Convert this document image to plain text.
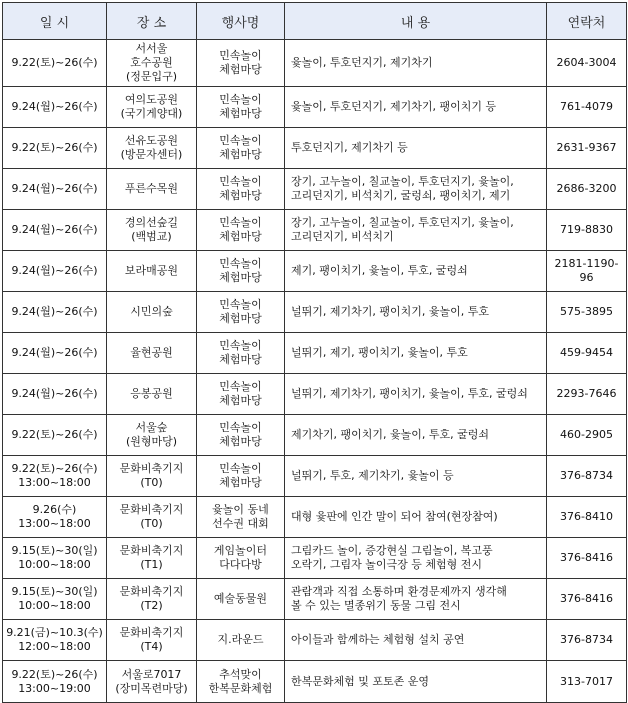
일 시	장 소	행사명	내 용	연락처
9.22(토)~26(수)	서서울
호수공원
(정문입구)	민속놀이
체험마당	윷놀이, 투호던지기, 제기차기	2604-3004
9.24(월)~26(수)	여의도공원
(국기게양대)	민속놀이
체험마당	윷놀이, 투호던지기, 제기차기, 팽이치기 등	761-4079
9.22(토)~26(수)	선유도공원
(방문자센터)	민속놀이
체험마당	투호던지기, 제기차기 등	2631-9367
9.24(월)~26(수)	푸른수목원	민속놀이
체험마당	장기, 고누놀이, 칠교놀이, 투호던지기, 윷놀이,
고리던지기, 비석치기, 굴렁쇠, 팽이치기, 제기	2686-3200
9.24(월)~26(수)	경의선숲길
(백범교)	민속놀이
체험마당	장기, 고누놀이, 칠교놀이, 투호던지기, 윷놀이,
고리던지기, 비석치기	719-8830
9.24(월)~26(수)	보라매공원	민속놀이
체험마당	제기, 팽이치기, 윷놀이, 투호, 굴렁쇠	2181-1190-
96
9.24(월)~26(수)	시민의숲	민속놀이
체험마당	널뛰기, 제기차기, 팽이치기, 윷놀이, 투호	575-3895
9.24(월)~26(수)	율현공원	민속놀이
체험마당	널뛰기, 제기, 팽이치기, 윷놀이, 투호	459-9454
9.24(월)~26(수)	응봉공원	민속놀이
체험마당	널뛰기, 제기차기, 팽이치기, 윷놀이, 투호, 굴렁쇠	2293-7646
9.22(토)~26(수)	서울숲
(원형마당)	민속놀이
체험마당	제기차기, 팽이치기, 윷놀이, 투호, 굴렁쇠	460-2905
9.22(토)~26(수)
13:00~18:00	문화비축기지
(T0)	민속놀이
체험마당	널뛰기, 투호, 제기차기, 윷놀이 등	376-8734
9.26(수)
13:00~18:00	문화비축기지
(T0)	윷놀이 동네
선수권 대회	대형 윷판에 인간 말이 되어 참여(현장참여)	376-8410
9.15(토)~30(일)
10:00~18:00	문화비축기지
(T1)	게임놀이터
다다다방	그림카드 놀이, 증강현실 그림놀이, 복고풍
오락기, 그림자 놀이극장 등 체험형 전시	376-8416
9.15(토)~30(일)
10:00~18:00	문화비축기지
(T2)	예술동물원	관람객과 직접 소통하며 환경문제까지 생각해
볼 수 있는 멸종위기 동물 그림 전시	376-8416
9.21(금)~10.3(수)
12:00~18:00	문화비축기지
(T4)	지.라운드	아이들과 함께하는 체험형 설치 공연	376-8734
9.22(토)~26(수)
13:00~19:00	서울로7017
(장미목련마당)	추석맞이
한복문화체험	한복문화체험 및 포토존 운영	313-7017
